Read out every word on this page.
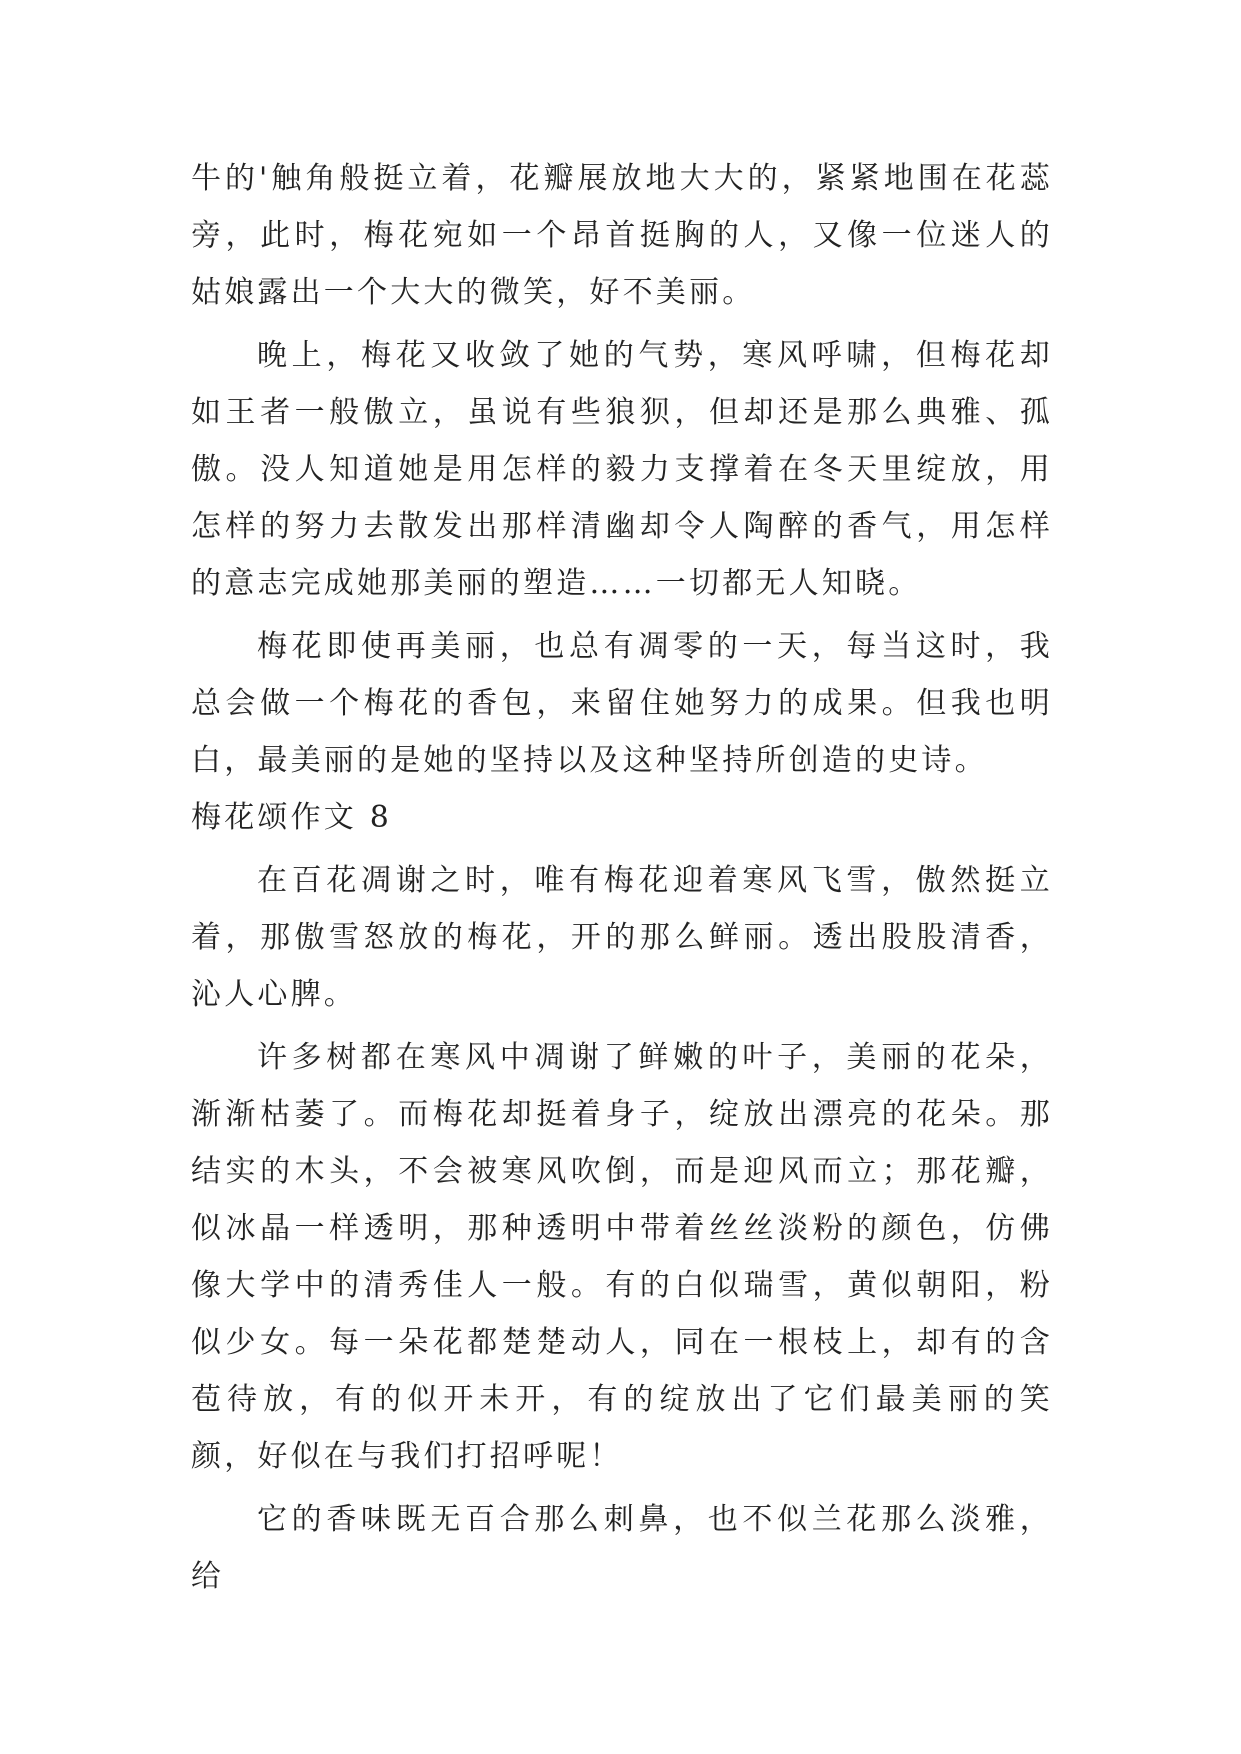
牛的'触角般挺立着，花瓣展放地大大的，紧紧地围在花蕊旁，此时，梅花宛如一个昂首挺胸的人，又像一位迷人的姑娘露出一个大大的微笑，好不美丽。

晚上，梅花又收敛了她的气势，寒风呼啸，但梅花却如王者一般傲立，虽说有些狼狈，但却还是那么典雅、孤傲。没人知道她是用怎样的毅力支撑着在冬天里绽放，用怎样的努力去散发出那样清幽却令人陶醉的香气，用怎样的意志完成她那美丽的塑造……一切都无人知晓。

梅花即使再美丽，也总有凋零的一天，每当这时，我总会做一个梅花的香包，来留住她努力的成果。但我也明白，最美丽的是她的坚持以及这种坚持所创造的史诗。

梅花颂作文 8

在百花凋谢之时，唯有梅花迎着寒风飞雪，傲然挺立着，那傲雪怒放的梅花，开的那么鲜丽。透出股股清香，沁人心脾。

许多树都在寒风中凋谢了鲜嫩的叶子，美丽的花朵，渐渐枯萎了。而梅花却挺着身子，绽放出漂亮的花朵。那结实的木头，不会被寒风吹倒，而是迎风而立；那花瓣，似冰晶一样透明，那种透明中带着丝丝淡粉的颜色，仿佛像大学中的清秀佳人一般。有的白似瑞雪，黄似朝阳，粉似少女。每一朵花都楚楚动人，同在一根枝上，却有的含苞待放，有的似开未开，有的绽放出了它们最美丽的笑颜，好似在与我们打招呼呢！

它的香味既无百合那么刺鼻，也不似兰花那么淡雅，给
